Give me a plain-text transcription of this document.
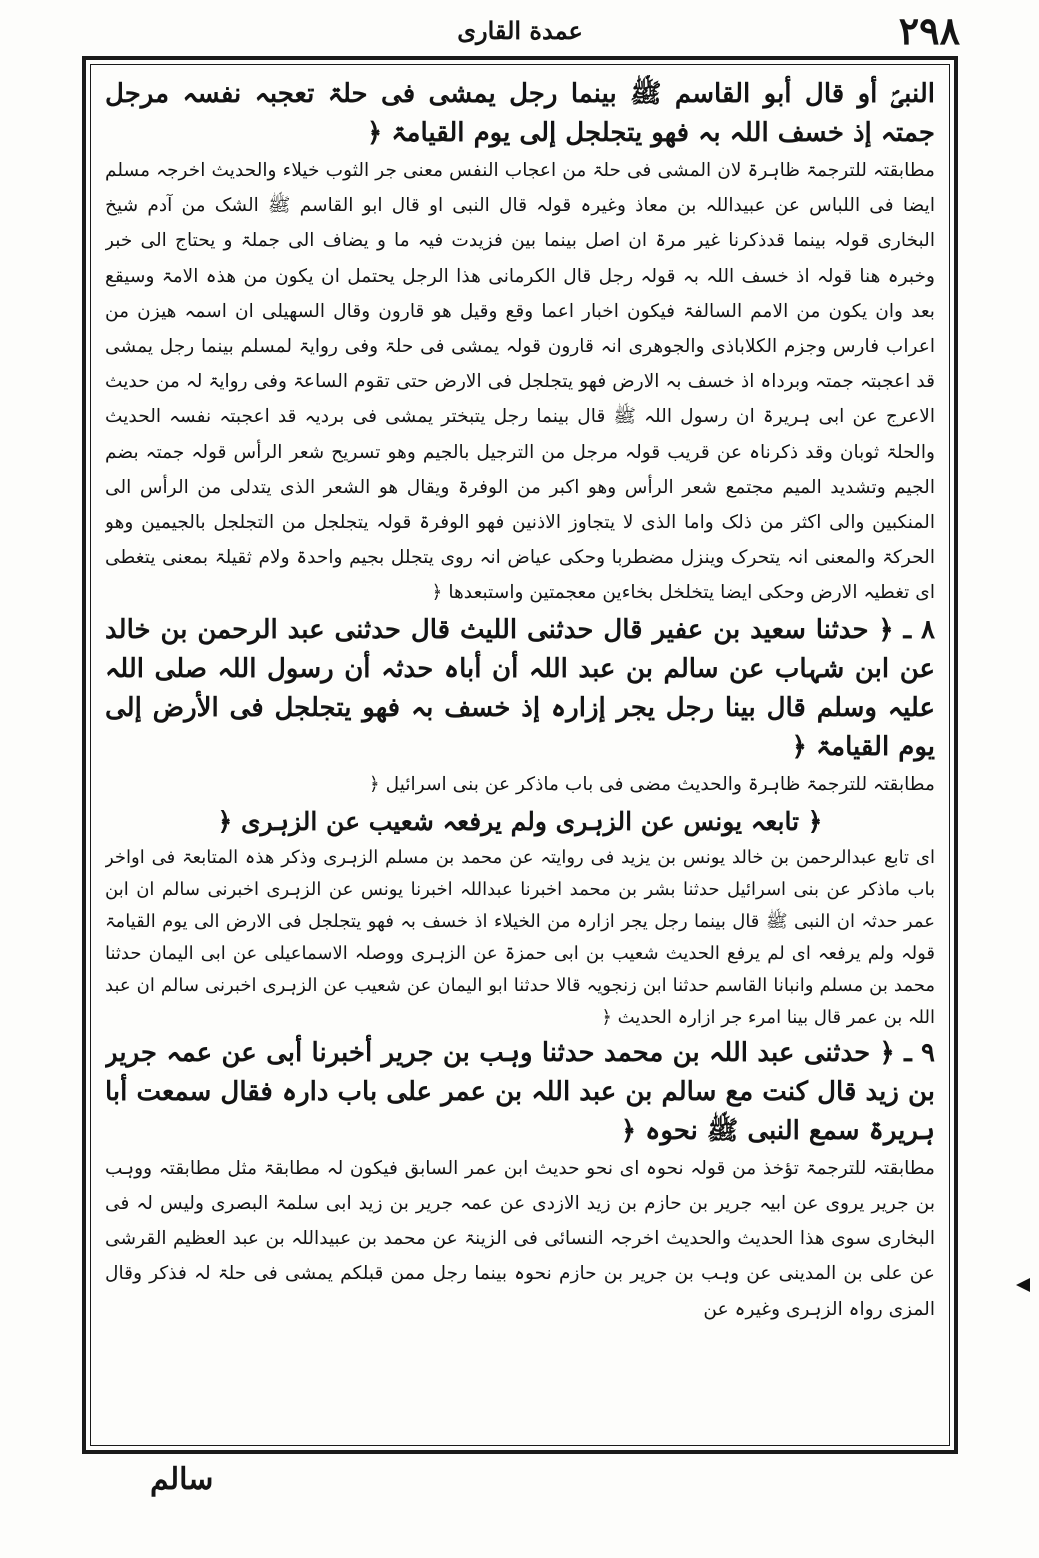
۲۹۸
عمدة القاری

النبیؐ أو قال أبو القاسم ﷺ بینما رجل یمشی فی حلۃ تعجبہ نفسہ مرجل جمتہ إذ خسف اللہ بہ فھو یتجلجل إلی یوم القیامۃ ﴿

مطابقتہ للترجمۃ ظاہرۃ لان المشی فی حلۃ من اعجاب النفس معنی جر الثوب خیلاء والحدیث اخرجہ مسلم ایضا فی اللباس عن عبیداللہ بن معاذ وغیرہ قولہ قال النبی او قال ابو القاسم ﷺ الشک من آدم شیخ البخاری قولہ بینما قدذکرنا غیر مرۃ ان اصل بینما بین فزیدت فیہ ما و یضاف الی جملۃ و یحتاج الی خبر وخبرہ ھنا قولہ اذ خسف اللہ بہ قولہ رجل قال الکرمانی ھذا الرجل یحتمل ان یکون من ھذہ الامۃ وسیقع بعد وان یکون من الامم السالفۃ فیکون اخبار اعما وقع وقیل ھو قارون وقال السھیلی ان اسمہ ھیزن من اعراب فارس وجزم الکلاباذی والجوھری انہ قارون قولہ یمشی فی حلۃ وفی روایۃ لمسلم بینما رجل یمشی قد اعجبتہ جمتہ وبرداہ اذ خسف بہ الارض فھو یتجلجل فی الارض حتی تقوم الساعۃ وفی روایۃ لہ من حدیث الاعرج عن ابی ہریرۃ ان رسول اللہ ﷺ قال بینما رجل یتبختر یمشی فی بردیہ قد اعجبتہ نفسہ الحدیث والحلۃ ثوبان وقد ذکرناہ عن قریب قولہ مرجل من الترجیل بالجیم وھو تسریح شعر الرأس قولہ جمتہ بضم الجیم وتشدید المیم مجتمع شعر الرأس وھو اکبر من الوفرۃ ویقال ھو الشعر الذی یتدلی من الرأس الی المنکبین والی اکثر من ذلک واما الذی لا یتجاوز الاذنین فھو الوفرۃ قولہ یتجلجل من التجلجل بالجیمین وھو الحرکۃ والمعنی انہ یتحرک وینزل مضطربا وحکی عیاض انہ روی یتجلل بجیم واحدۃ ولام ثقیلۃ بمعنی یتغطی ای تغطیہ الارض وحکی ایضا یتخلخل بخاءین معجمتین واستبعدھا ﴿

۸ ـ ﴿ حدثنا سعید بن عفیر قال حدثنی اللیث قال حدثنی عبد الرحمن بن خالد عن ابن شہاب عن سالم بن عبد اللہ أن أباہ حدثہ أن رسول اللہ صلی اللہ علیہ وسلم قال بینا رجل یجر إزارہ إذ خسف بہ فھو یتجلجل فی الأرض إلی یوم القیامۃ ﴿

مطابقتہ للترجمۃ ظاہرۃ والحدیث مضی فی باب ماذکر عن بنی اسرائیل ﴿

﴿ تابعہ یونس عن الزہری ولم یرفعہ شعیب عن الزہری ﴿

ای تابع عبدالرحمن بن خالد یونس بن یزید فی روایتہ عن محمد بن مسلم الزہری وذکر ھذہ المتابعۃ فی اواخر باب ماذکر عن بنی اسرائیل حدثنا بشر بن محمد اخبرنا عبداللہ اخبرنا یونس عن الزہری اخبرنی سالم ان ابن عمر حدثہ ان النبی ﷺ قال بینما رجل یجر ازارہ من الخیلاء اذ خسف بہ فھو یتجلجل فی الارض الی یوم القیامۃ قولہ ولم یرفعہ ای لم یرفع الحدیث شعیب بن ابی حمزۃ عن الزہری ووصلہ الاسماعیلی عن ابی الیمان حدثنا محمد بن مسلم وانبانا القاسم حدثنا ابن زنجویہ قالا حدثنا ابو الیمان عن شعیب عن الزہری اخبرنی سالم ان عبد اللہ بن عمر قال بینا امرء جر ازارہ الحدیث ﴿

۹ ـ ﴿ حدثنی عبد اللہ بن محمد حدثنا وہب بن جریر أخبرنا أبی عن عمہ جریر بن زید قال کنت مع سالم بن عبد اللہ بن عمر علی باب دارہ فقال سمعت أبا ہریرۃ سمع النبی ﷺ نحوہ ﴿

مطابقتہ للترجمۃ تؤخذ من قولہ نحوہ ای نحو حدیث ابن عمر السابق فیکون لہ مطابقۃ مثل مطابقتہ ووہب بن جریر یروی عن ابیہ جریر بن حازم بن زید الازدی عن عمہ جریر بن زید ابی سلمۃ البصری ولیس لہ فی البخاری سوی ھذا الحدیث والحدیث اخرجہ النسائی فی الزینۃ عن محمد بن عبیداللہ بن عبد العظیم القرشی عن علی بن المدینی عن وہب بن جریر بن حازم نحوہ بینما رجل ممن قبلکم یمشی فی حلۃ لہ فذکر وقال المزی رواہ الزہری وغیرہ عن

سالم
